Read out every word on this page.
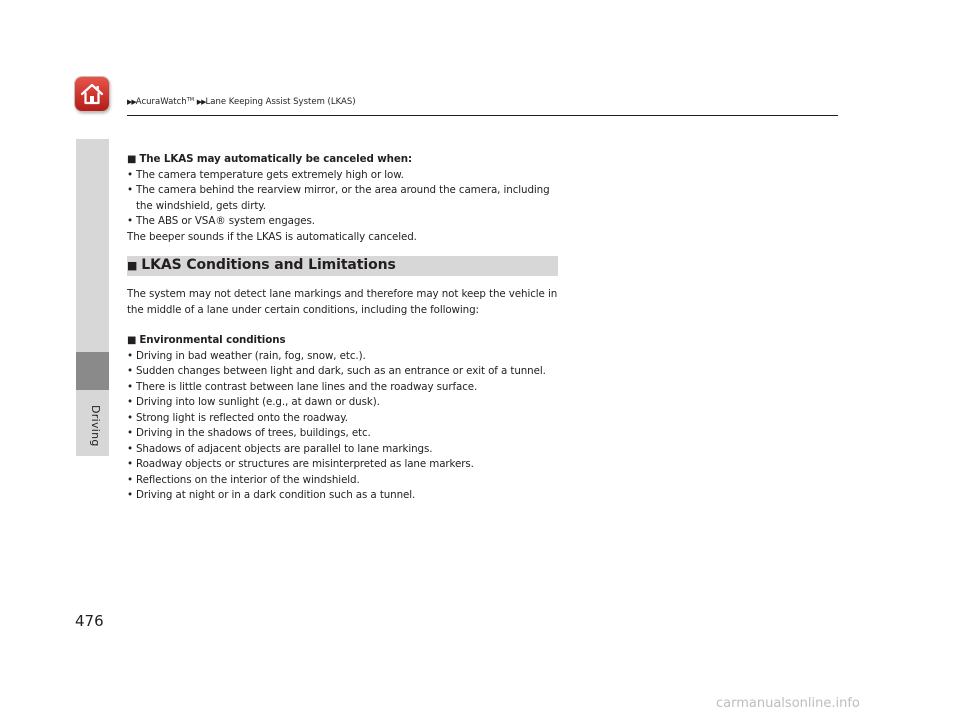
▶▶AcuraWatch™ ▶▶Lane Keeping Assist System (LKAS)
Driving

■ The LKAS may automatically be canceled when:

• The camera temperature gets extremely high or low.
• The camera behind the rearview mirror, or the area around the camera, including the windshield, gets dirty.
• The ABS or VSA® system engages.

The beeper sounds if the LKAS is automatically canceled.

■ LKAS Conditions and Limitations

The system may not detect lane markings and therefore may not keep the vehicle in the middle of a lane under certain conditions, including the following:

■ Environmental conditions

• Driving in bad weather (rain, fog, snow, etc.).
• Sudden changes between light and dark, such as an entrance or exit of a tunnel.
• There is little contrast between lane lines and the roadway surface.
• Driving into low sunlight (e.g., at dawn or dusk).
• Strong light is reflected onto the roadway.
• Driving in the shadows of trees, buildings, etc.
• Shadows of adjacent objects are parallel to lane markings.
• Roadway objects or structures are misinterpreted as lane markers.
• Reflections on the interior of the windshield.
• Driving at night or in a dark condition such as a tunnel.
476
carmanualsonline.info
